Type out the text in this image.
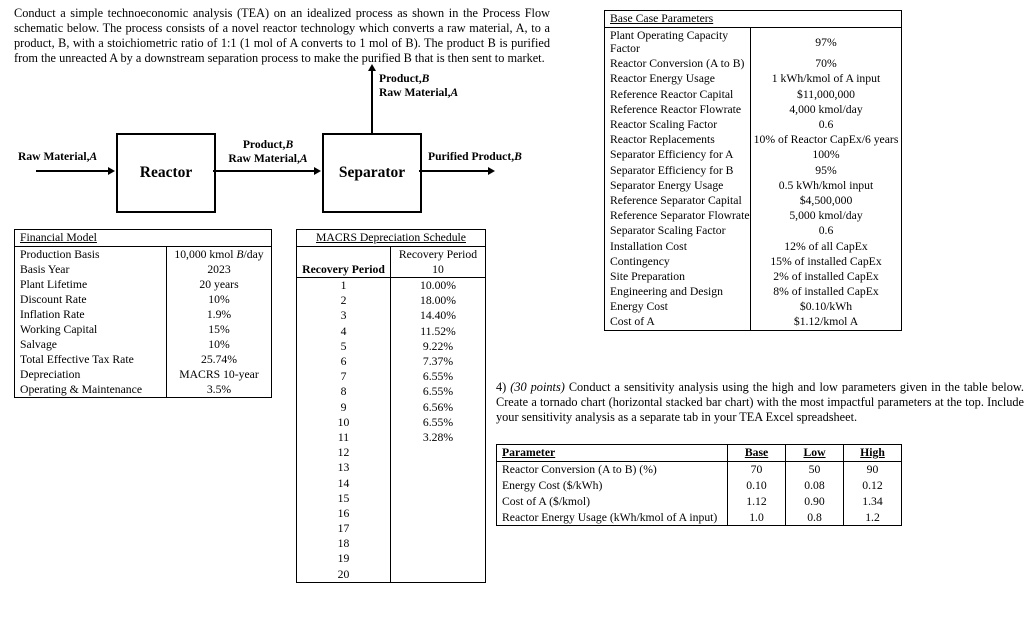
Conduct a simple technoeconomic analysis (TEA) on an idealized process as shown in the Process Flow schematic below. The process consists of a novel reactor technology which converts a raw material, A, to a product, B, with a stoichiometric ratio of 1:1 (1 mol of A converts to 1 mol of B). The product B is purified from the unreacted A by a downstream separation process to make the purified B that is then sent to market.
Reactor	Separator
Raw Material,A
Product,B
Raw Material,A
Product,B
Raw Material,A
Purified Product,B
Financial Model	
Production Basis	10,000 kmol B/day
Basis Year	2023
Plant Lifetime	20 years
Discount Rate	10%
Inflation Rate	1.9%
Working Capital	15%
Salvage	10%
Total Effective Tax Rate	25.74%
Depreciation	MACRS 10-year
Operating & Maintenance	3.5%
MACRS Depreciation Schedule	
	Recovery Period
Recovery Period	10
1	10.00%
2	18.00%
3	14.40%
4	11.52%
5	9.22%
6	7.37%
7	6.55%
8	6.55%
9	6.56%
10	6.55%
11	3.28%
12	
13	
14	
15	
16	
17	
18	
19	
20	
Base Case Parameters	
Plant Operating Capacity Factor	97%
Reactor Conversion (A to B)	70%
Reactor Energy Usage	1 kWh/kmol of A input
Reference Reactor Capital	$11,000,000
Reference Reactor Flowrate	4,000 kmol/day
Reactor Scaling Factor	0.6
Reactor Replacements	10% of Reactor CapEx/6 years
Separator Efficiency for A	100%
Separator Efficiency for B	95%
Separator Energy Usage	0.5 kWh/kmol input
Reference Separator Capital	$4,500,000
Reference Separator Flowrate	5,000 kmol/day
Separator Scaling Factor	0.6
Installation Cost	12% of all CapEx
Contingency	15% of installed CapEx
Site Preparation	2% of installed CapEx
Engineering and Design	8% of installed CapEx
Energy Cost	$0.10/kWh
Cost of A	$1.12/kmol A
4) (30 points) Conduct a sensitivity analysis using the high and low parameters given in the table below. Create a tornado chart (horizontal stacked bar chart) with the most impactful parameters at the top. Include your sensitivity analysis as a separate tab in your TEA Excel spreadsheet.
Parameter	Base	Low	High
Reactor Conversion (A to B) (%)	70	50	90
Energy Cost ($/kWh)	0.10	0.08	0.12
Cost of A ($/kmol)	1.12	0.90	1.34
Reactor Energy Usage (kWh/kmol of A input)	1.0	0.8	1.2
